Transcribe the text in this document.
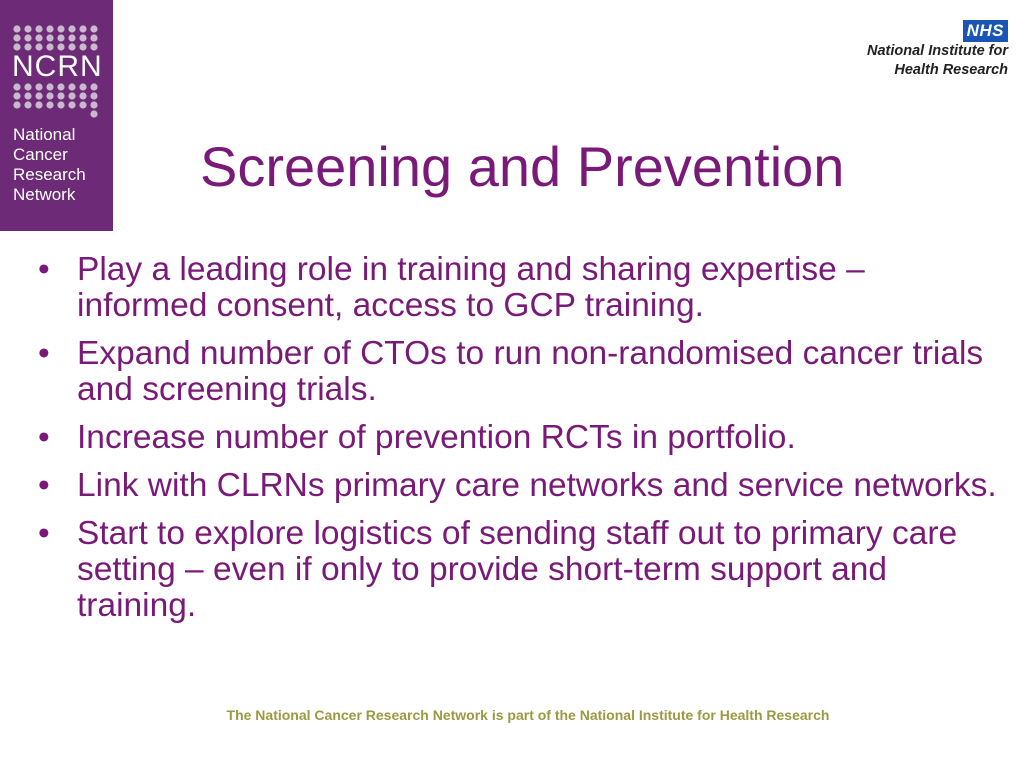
NCRN
National
Cancer
Research
Network
NHS
National Institute for
Health Research
Screening and Prevention
• Play a leading role in training and sharing expertise – informed consent, access to GCP training.
• Expand number of CTOs to run non-randomised cancer trials and screening trials.
• Increase number of prevention RCTs in portfolio.
• Link with CLRNs primary care networks and service networks.
• Start to explore logistics of sending staff out to primary care setting – even if only to provide short-term support and training.
The National Cancer Research Network is part of the National Institute for Health Research
